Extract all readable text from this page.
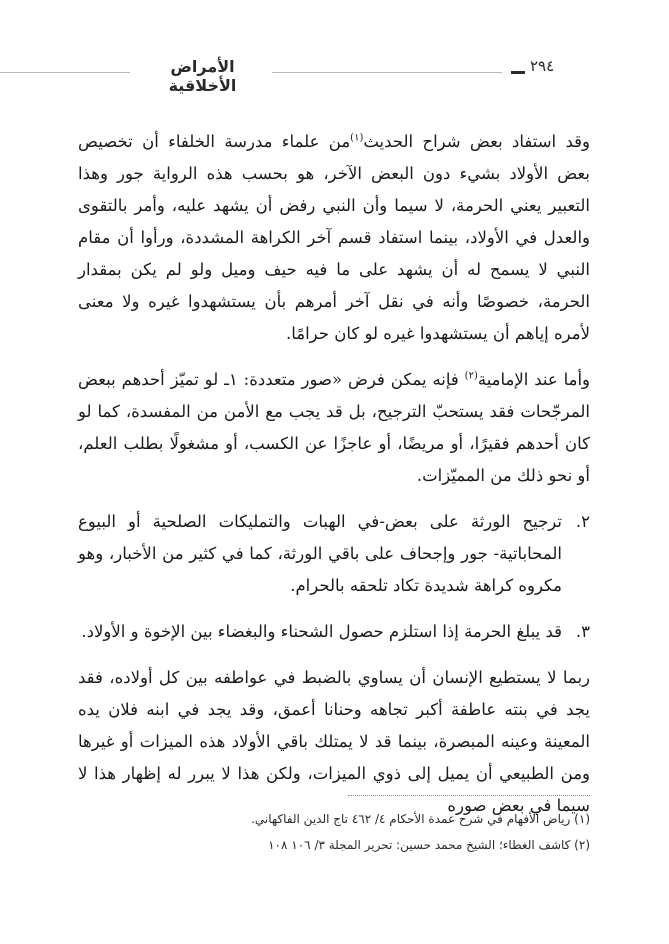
الأمراض الأخلاقية
٢٩٤

وقد استفاد بعض شراح الحديث$^{(١)}$من علماء مدرسة الخلفاء أن تخصيص بعض الأولاد بشيء دون البعض الآخر، هو بحسب هذه الرواية جور وهذا التعبير يعني الحرمة، لا سيما وأن النبي رفض أن يشهد عليه، وأمر بالتقوى والعدل في الأولاد، بينما استفاد قسم آخر الكراهة المشددة، ورأوا أن مقام النبي لا يسمح له أن يشهد على ما فيه حيف وميل ولو لم يكن بمقدار الحرمة، خصوصًا وأنه في نقل آخر أمرهم بأن يستشهدوا غيره ولا معنى لأمره إياهم أن يستشهدوا غيره لو كان حرامًا.

وأما عند الإمامية$^{(٢)}$ فإنه يمكن فرض «صور متعددة: ١ـ لو تميّز أحدهم ببعض المرجّحات فقد يستحبّ الترجيح، بل قد يجب مع الأمن من المفسدة، كما لو كان أحدهم فقيرًا، أو مريضًا، أو عاجزًا عن الكسب، أو مشغولًا بطلب العلم، أو نحو ذلك من المميّزات.

٢.
ترجيح الورثة على بعض-في الهبات والتمليكات الصلحية أو البيوع المحاباتية- جور وإجحاف على باقي الورثة، كما في كثير من الأخبار، وهو مكروه كراهة شديدة تكاد تلحقه بالحرام.
٣.
قد يبلغ الحرمة إذا استلزم حصول الشحناء والبغضاء بين الإخوة و الأولاد.

ربما لا يستطيع الإنسان أن يساوي بالضبط في عواطفه بين كل أولاده، فقد يجد في بنته عاطفة أكبر تجاهه وحنانا أعمق، وقد يجد في ابنه فلان يده المعينة وعينه المبصرة، بينما قد لا يمتلك باقي الأولاد هذه الميزات أو غيرها ومن الطبيعي أن يميل إلى ذوي الميزات، ولكن هذا لا يبرر له إظهار هذا لا سيما في بعض صوره

(١) رياض الأفهام في شرح عمدة الأحكام ٤/ ٤٦٢ تاج الدين الفاكهاني.

(٢) كاشف الغطاء؛ الشيخ محمد حسين: تحرير المجلة ٣/ ١٠٦ ١٠٨
